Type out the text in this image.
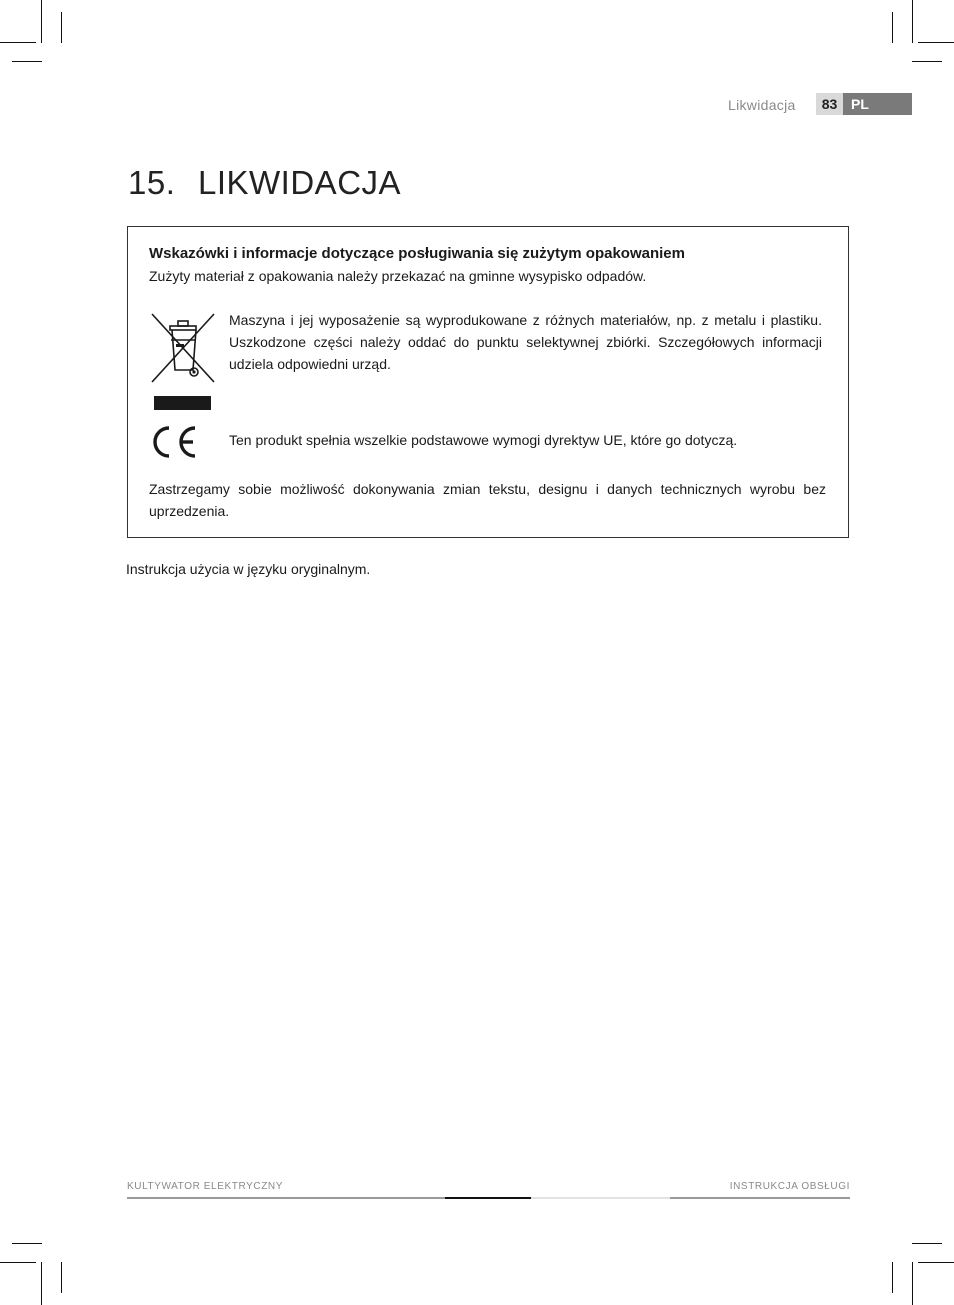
Likwidacja	83 PL
15. LIKWIDACJA
Wskazówki i informacje dotyczące posługiwania się zużytym opakowaniem
Zużyty materiał z opakowania należy przekazać na gminne wysypisko odpadów.
Maszyna i jej wyposażenie są wyprodukowane z różnych materiałów, np. z metalu i plastiku. Uszkodzone części należy oddać do punktu selektywnej zbiórki. Szczegółowych informacji udziela odpowiedni urząd.
Ten produkt spełnia wszelkie podstawowe wymogi dyrektyw UE, które go dotyczą.
Zastrzegamy sobie możliwość dokonywania zmian tekstu, designu i danych technicznych wyrobu bez uprzedzenia.
Instrukcja użycia w języku oryginalnym.
KULTYWATOR ELEKTRYCZNY	INSTRUKCJA OBSŁUGI
